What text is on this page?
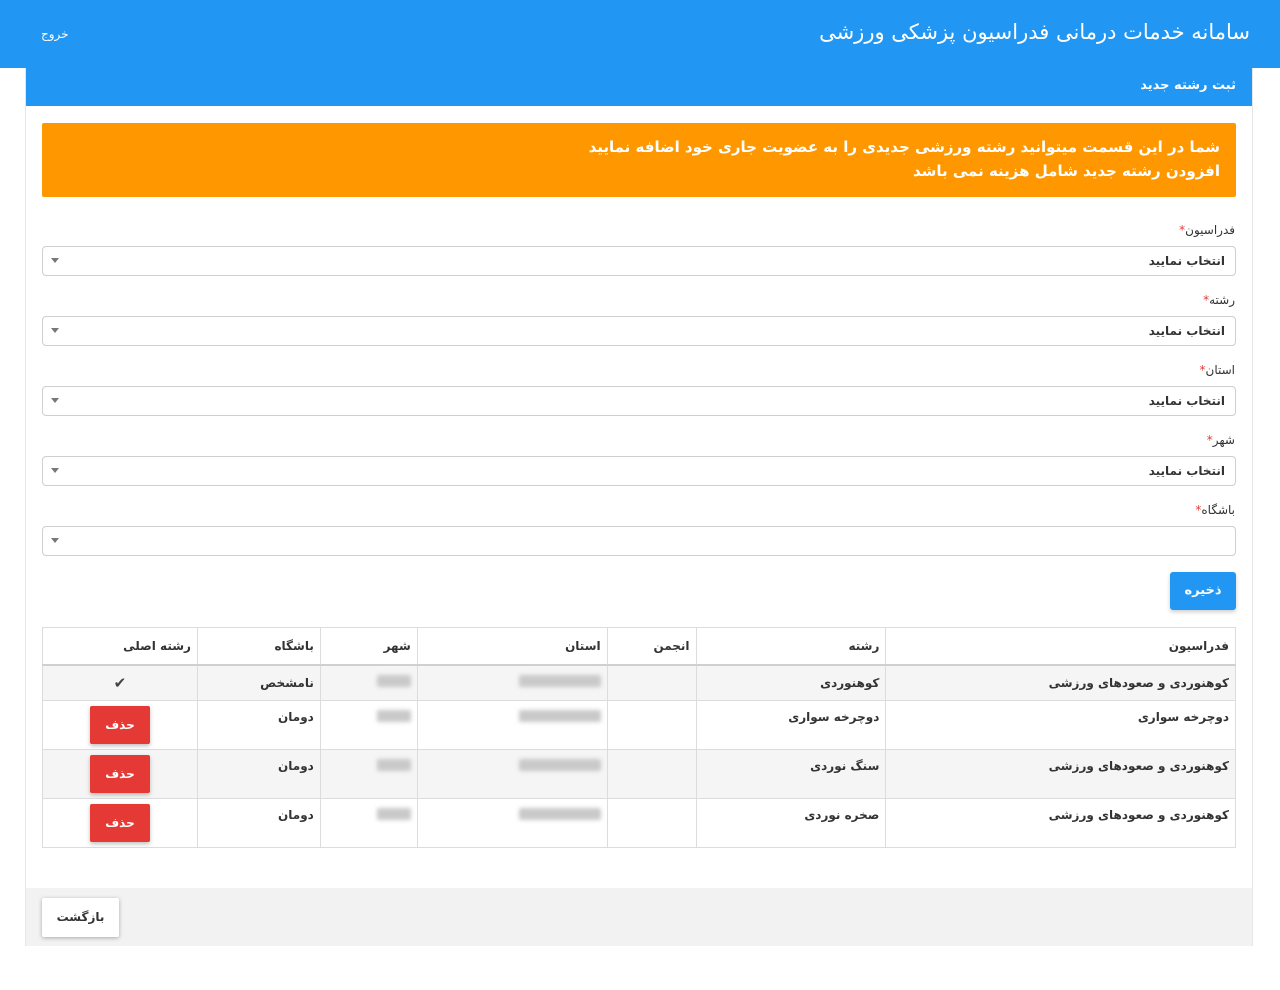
سامانه خدمات درمانی فدراسیون پزشکی ورزشی
خروج
ثبت رشته جدید
شما در این قسمت میتوانید رشته ورزشی جدیدی را به عضویت جاری خود اضافه نمایید
افزودن رشته جدید شامل هزینه نمی باشد
فدراسیون*
انتخاب نمایید
رشته*
انتخاب نمایید
استان*
انتخاب نمایید
شهر*
انتخاب نمایید
باشگاه*
ذخیره
فدراسیون	رشته	انجمن	استان	شهر	باشگاه	رشته اصلی
کوهنوردی و صعودهای ورزشی	کوهنوردی				نامشخص	✔
دوچرخه سواری	دوچرخه سواری				دومان	حذف
کوهنوردی و صعودهای ورزشی	سنگ نوردی				دومان	حذف
کوهنوردی و صعودهای ورزشی	صخره نوردی				دومان	حذف
بازگشت
